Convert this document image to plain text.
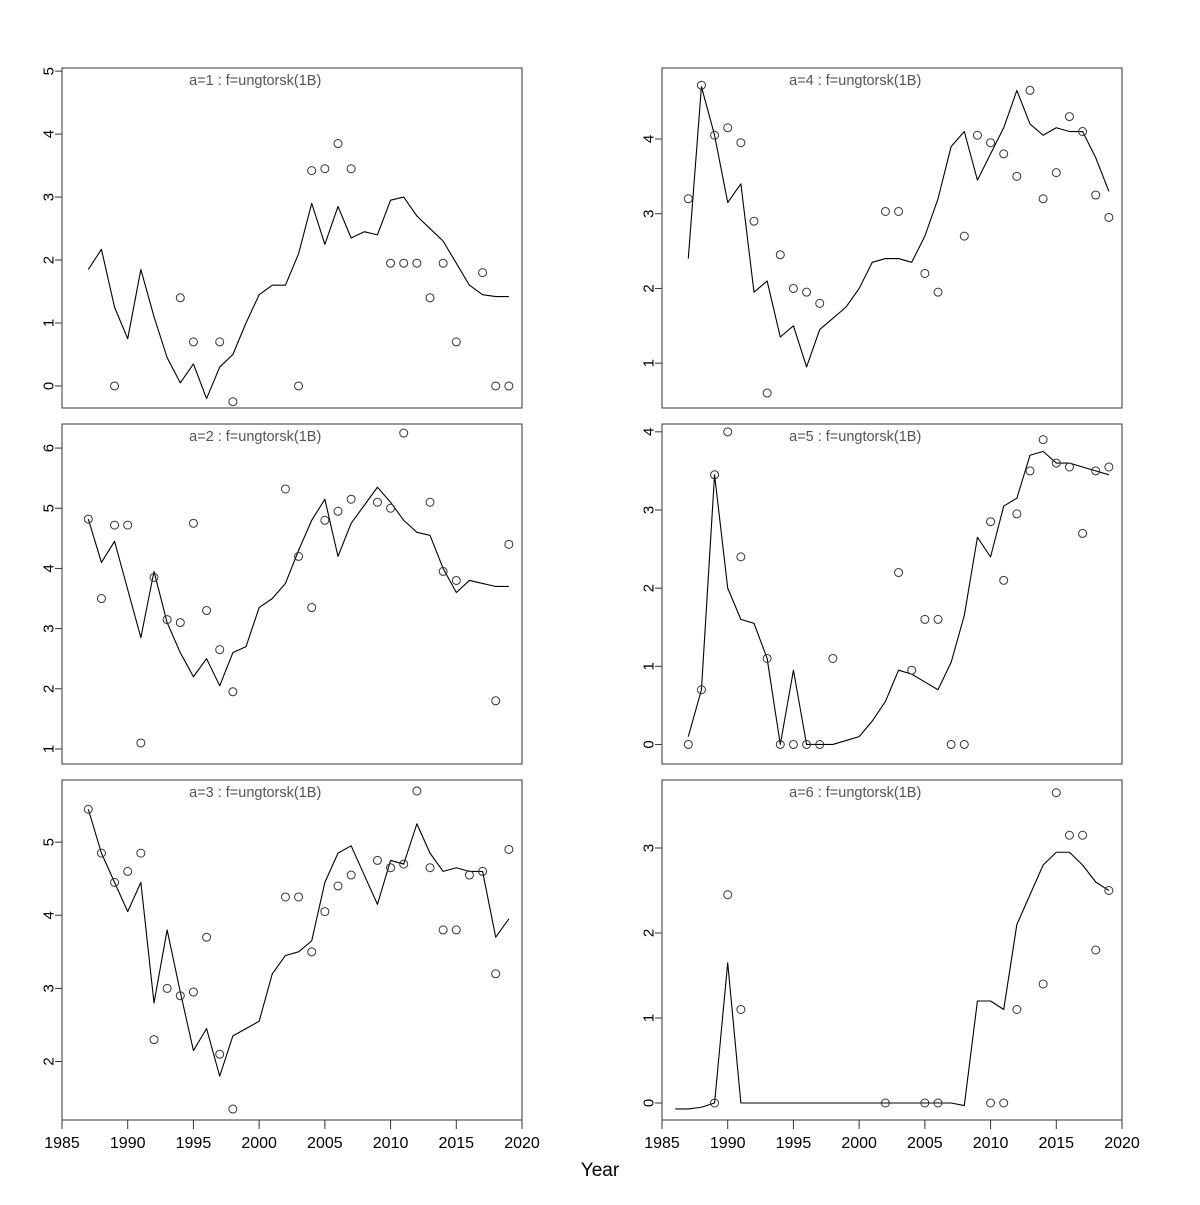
0
1
2
3
4
5
a=1 : f=ungtorsk(1B)
1
2
3
4
5
6
a=2 : f=ungtorsk(1B)
2
3
4
5
1985 1990 1995 2000 2005 2010 2015 2020
a=3 : f=ungtorsk(1B)
1
2
3
4
a=4 : f=ungtorsk(1B)
0
1
2
3
4	a=5 : f=ungtorsk(1B)
0
1
2
3
1985 1990 1995 2000 2005 2010 2015 2020
a=6 : f=ungtorsk(1B)
Year
